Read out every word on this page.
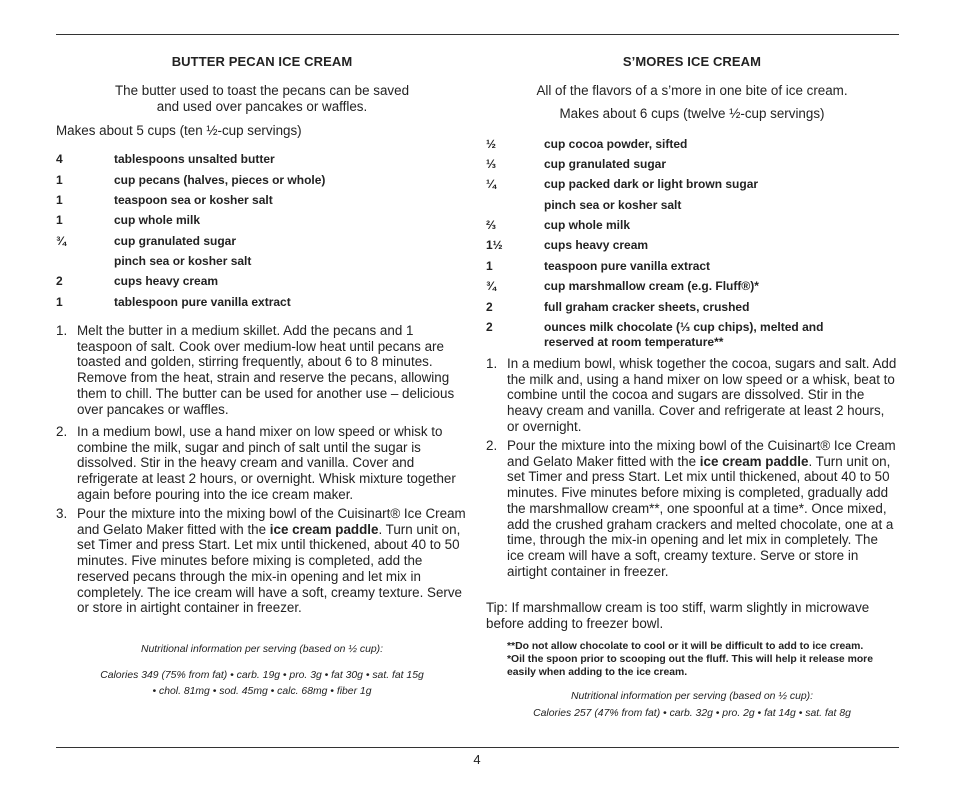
BUTTER PECAN ICE CREAM
The butter used to toast the pecans can be saved
and used over pancakes or waffles.
Makes about 5 cups (ten ½-cup servings)
4	tablespoons unsalted butter
1	cup pecans (halves, pieces or whole)
1	teaspoon sea or kosher salt
1	cup whole milk
¾	cup granulated sugar
pinch sea or kosher salt
2	cups heavy cream
1	tablespoon pure vanilla extract
1. Melt the butter in a medium skillet. Add the pecans and 1 teaspoon of salt. Cook over medium-low heat until pecans are toasted and golden, stirring frequently, about 6 to 8 minutes. Remove from the heat, strain and reserve the pecans, allowing them to chill. The butter can be used for another use – delicious over pancakes or waffles.
2. In a medium bowl, use a hand mixer on low speed or whisk to combine the milk, sugar and pinch of salt until the sugar is dissolved. Stir in the heavy cream and vanilla. Cover and refrigerate at least 2 hours, or overnight. Whisk mixture together again before pouring into the ice cream maker.
3. Pour the mixture into the mixing bowl of the Cuisinart® Ice Cream and Gelato Maker fitted with the ice cream paddle. Turn unit on, set Timer and press Start. Let mix until thickened, about 40 to 50 minutes. Five minutes before mixing is completed, add the reserved pecans through the mix-in opening and let mix in completely. The ice cream will have a soft, creamy texture. Serve or store in airtight container in freezer.
Nutritional information per serving (based on ½ cup):
Calories 349 (75% from fat) • carb. 19g • pro. 3g • fat 30g • sat. fat 15g
• chol. 81mg • sod. 45mg • calc. 68mg • fiber 1g
S’MORES ICE CREAM
All of the flavors of a s’more in one bite of ice cream.
Makes about 6 cups (twelve ½-cup servings)
½	cup cocoa powder, sifted
⅓	cup granulated sugar
¼	cup packed dark or light brown sugar
pinch sea or kosher salt
⅔	cup whole milk
1½	cups heavy cream
1	teaspoon pure vanilla extract
¾	cup marshmallow cream (e.g. Fluff®)*
2	full graham cracker sheets, crushed
2	ounces milk chocolate (⅓ cup chips), melted and reserved at room temperature**
1. In a medium bowl, whisk together the cocoa, sugars and salt. Add the milk and, using a hand mixer on low speed or a whisk, beat to combine until the cocoa and sugars are dissolved. Stir in the heavy cream and vanilla. Cover and refrigerate at least 2 hours, or overnight.
2. Pour the mixture into the mixing bowl of the Cuisinart® Ice Cream and Gelato Maker fitted with the ice cream paddle. Turn unit on, set Timer and press Start. Let mix until thickened, about 40 to 50 minutes. Five minutes before mixing is completed, gradually add the marshmallow cream**, one spoonful at a time*. Once mixed, add the crushed graham crackers and melted chocolate, one at a time, through the mix-in opening and let mix in completely. The ice cream will have a soft, creamy texture. Serve or store in airtight container in freezer.
Tip: If marshmallow cream is too stiff, warm slightly in microwave before adding to freezer bowl.
**Do not allow chocolate to cool or it will be difficult to add to ice cream.
*Oil the spoon prior to scooping out the fluff. This will help it release more easily when adding to the ice cream.
Nutritional information per serving (based on ½ cup):
Calories 257 (47% from fat) • carb. 32g • pro. 2g • fat 14g • sat. fat 8g
4
